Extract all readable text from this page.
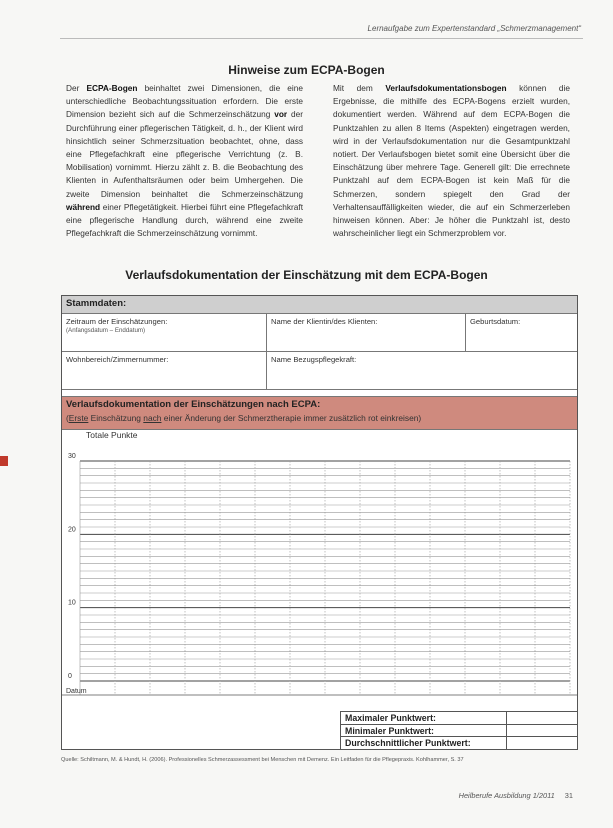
Lernaufgabe zum Expertenstandard „Schmerzmanagement“
Hinweise zum ECPA-Bogen
Der ECPA-Bogen beinhaltet zwei Dimensionen, die eine unterschiedliche Beobachtungssituation erfordern. Die erste Dimension bezieht sich auf die Schmerzeinschätzung vor der Durchführung einer pflegerischen Tätigkeit, d. h., der Klient wird hinsichtlich seiner Schmerzsituation beobachtet, ohne, dass eine Pflegefachkraft eine pflegerische Verrichtung (z. B. Mobilisation) vornimmt. Hierzu zählt z. B. die Beobachtung des Klienten in Aufenthaltsräumen oder beim Umhergehen. Die zweite Dimension beinhaltet die Schmerzeinschätzung während einer Pflegetätigkeit. Hierbei führt eine Pflegefachkraft eine pflegerische Handlung durch, während eine zweite Pflegefachkraft die Schmerzeinschätzung vornimmt.
Mit dem Verlaufsdokumentationsbogen können die Ergebnisse, die mithilfe des ECPA-Bogens erzielt wurden, dokumentiert werden. Während auf dem ECPA-Bogen die Punktzahlen zu allen 8 Items (Aspekten) eingetragen werden, wird in der Verlaufsdokumentation nur die Gesamtpunktzahl notiert. Der Verlaufsbogen bietet somit eine Übersicht über die Einschätzung über mehrere Tage. Generell gilt: Die errechnete Punktzahl auf dem ECPA-Bogen ist kein Maß für die Schmerzen, sondern spiegelt den Grad der Verhaltensauffälligkeiten wieder, die auf ein Schmerzerleben hinweisen können. Aber: Je höher die Punktzahl ist, desto wahrscheinlicher liegt ein Schmerzproblem vor.
Verlaufsdokumentation der Einschätzung mit dem ECPA-Bogen
Stammdaten:
Zeitraum der Einschätzungen:
(Anfangsdatum – Enddatum)
Name der Klientin/des Klienten:	Geburtsdatum:
Wohnbereich/Zimmernummer:	Name Bezugspflegekraft:
Verlaufsdokumentation der Einschätzungen nach ECPA:
(Erste Einschätzung nach einer Änderung der Schmerztherapie immer zusätzlich rot einkreisen)
Totale Punkte
30
20
10
0
Datum
Maximaler Punktwert:
Minimaler Punktwert:
Durchschnittlicher Punktwert:
Quelle: Schiltmann, M. & Hundt, H. (2006). Professionelles Schmerzassessment bei Menschen mit Demenz. Ein Leitfaden für die Pflegepraxis. Kohlhammer, S. 37
Heilberufe Ausbildung 1/2011 31
